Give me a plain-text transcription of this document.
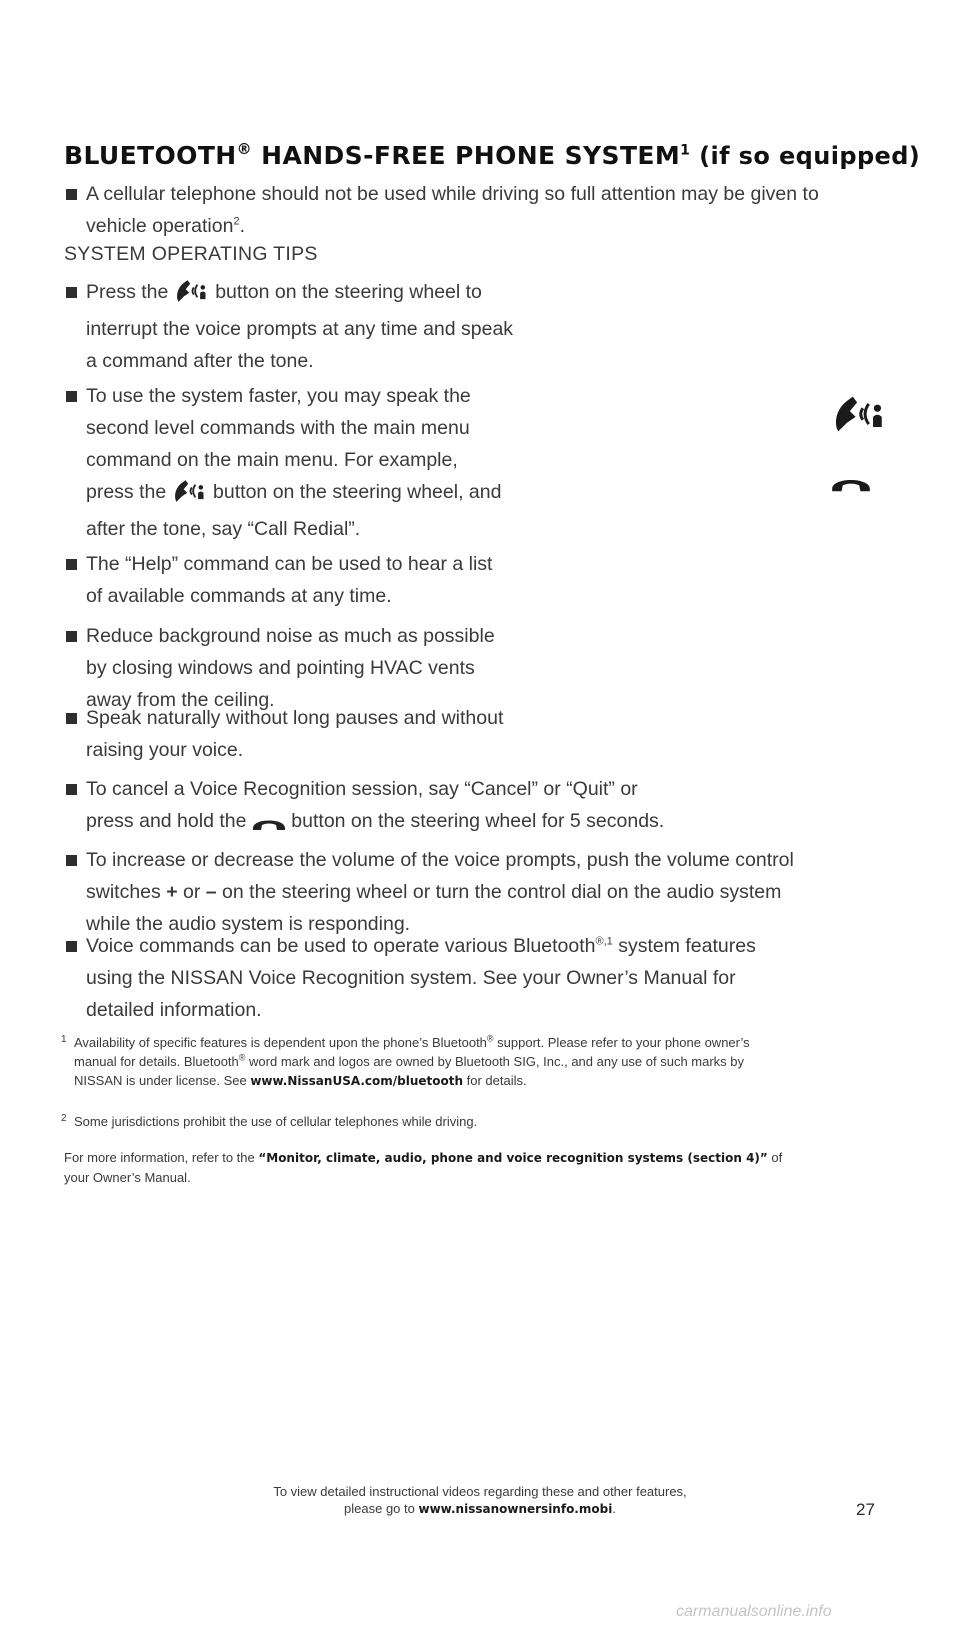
BLUETOOTH® HANDS-FREE PHONE SYSTEM$^1$ (if so equipped)
A cellular telephone should not be used while driving so full attention may be given to
vehicle operation$^2$.
SYSTEM OPERATING TIPS
Press the  button on the steering wheel to
interrupt the voice prompts at any time and speak
a command after the tone.
To use the system faster, you may speak the
second level commands with the main menu
command on the main menu. For example,
press the  button on the steering wheel, and
after the tone, say “Call Redial”.
The “Help” command can be used to hear a list
of available commands at any time.
Reduce background noise as much as possible
by closing windows and pointing HVAC vents
away from the ceiling.
Speak naturally without long pauses and without
raising your voice.
To cancel a Voice Recognition session, say “Cancel” or “Quit” or
press and hold the  button on the steering wheel for 5 seconds.
To increase or decrease the volume of the voice prompts, push the volume control
switches + or – on the steering wheel or turn the control dial on the audio system
while the audio system is responding.
Voice commands can be used to operate various Bluetooth$^{®,1}$ system features
using the NISSAN Voice Recognition system. See your Owner’s Manual for
detailed information.
1 Availability of specific features is dependent upon the phone’s Bluetooth® support. Please refer to your phone owner’s
manual for details. Bluetooth® word mark and logos are owned by Bluetooth SIG, Inc., and any use of such marks by
NISSAN is under license. See www.NissanUSA.com/bluetooth for details.
2 Some jurisdictions prohibit the use of cellular telephones while driving.
For more information, refer to the “Monitor, climate, audio, phone and voice recognition systems (section 4)” of
your Owner’s Manual.
To view detailed instructional videos regarding these and other features,
please go to www.nissanownersinfo.mobi.	27
carmanualsonline.info
